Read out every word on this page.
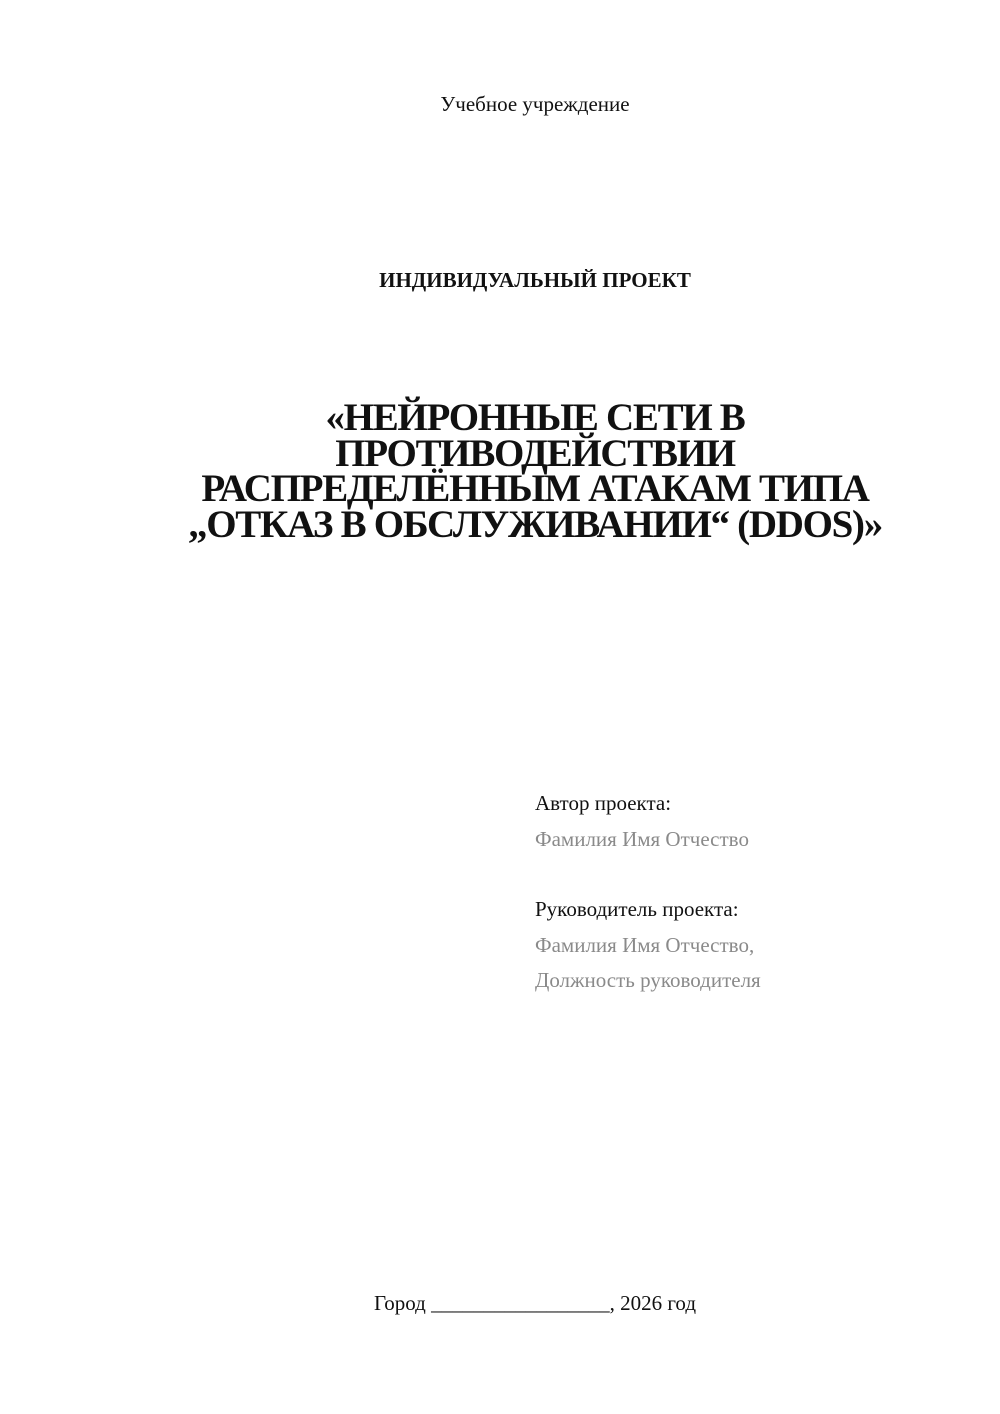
Учебное учреждение
ИНДИВИДУАЛЬНЫЙ ПРОЕКТ
«НЕЙРОННЫЕ СЕТИ В
ПРОТИВОДЕЙСТВИИ
РАСПРЕДЕЛЁННЫМ АТАКАМ ТИПА
„ОТКАЗ В ОБСЛУЖИВАНИИ“ (DDOS)»
Автор проекта:
Фамилия Имя Отчество
Руководитель проекта:
Фамилия Имя Отчество,
Должность руководителя
Город _________________, 2026 год
